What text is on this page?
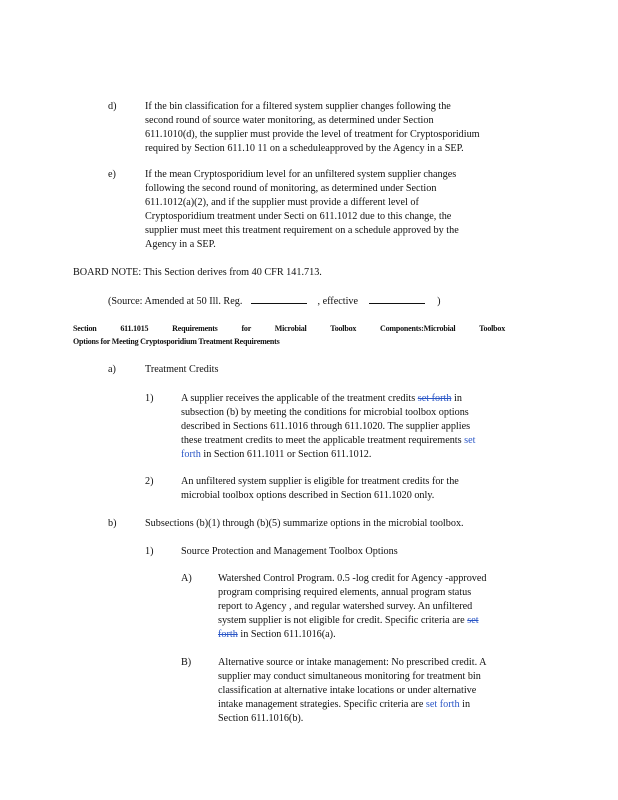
d)	If the bin classification for a filtered system supplier changes following the
second round of source water monitoring, as determined under Section
611.1010(d), the supplier must provide the level of treatment for Cryptosporidium
required by Section 611.10 11 on a scheduleapproved by the Agency in a SEP.
e)	If the mean Cryptosporidium level for an unfiltered system supplier changes
following the second round of monitoring, as determined under Section
611.1012(a)(2), and if the supplier must provide a different level of
Cryptosporidium treatment under Secti on 611.1012 due to this change, the
supplier must meet this treatment requirement on a schedule approved by the
Agency in a SEP.
BOARD NOTE: This Section derives from 40 CFR 141.713.
(Source: Amended at 50 Ill. Reg.	, effective	)
Section 611.1015 Requirements for Microbial Toolbox Components:Microbial Toolbox
Options for Meeting Cryptosporidium Treatment Requirements
a)	Treatment Credits
1)	A supplier receives the applicable of the treatment credits set forth in
subsection (b) by meeting the conditions for microbial toolbox options
described in Sections 611.1016 through 611.1020. The supplier applies
these treatment credits to meet the applicable treatment requirements set
forth in Section 611.1011 or Section 611.1012.
2)	An unfiltered system supplier is eligible for treatment credits for the
microbial toolbox options described in Section 611.1020 only.
b)	Subsections (b)(1) through (b)(5) summarize options in the microbial toolbox.
1)	Source Protection and Management Toolbox Options
A)	Watershed Control Program. 0.5 -log credit for Agency -approved
program comprising required elements, annual program status
report to Agency , and regular watershed survey. An unfiltered
system supplier is not eligible for credit. Specific criteria are set
forth in Section 611.1016(a).
B)	Alternative source or intake management: No prescribed credit. A
supplier may conduct simultaneous monitoring for treatment bin
classification at alternative intake locations or under alternative
intake management strategies. Specific criteria are set forth in
Section 611.1016(b).
